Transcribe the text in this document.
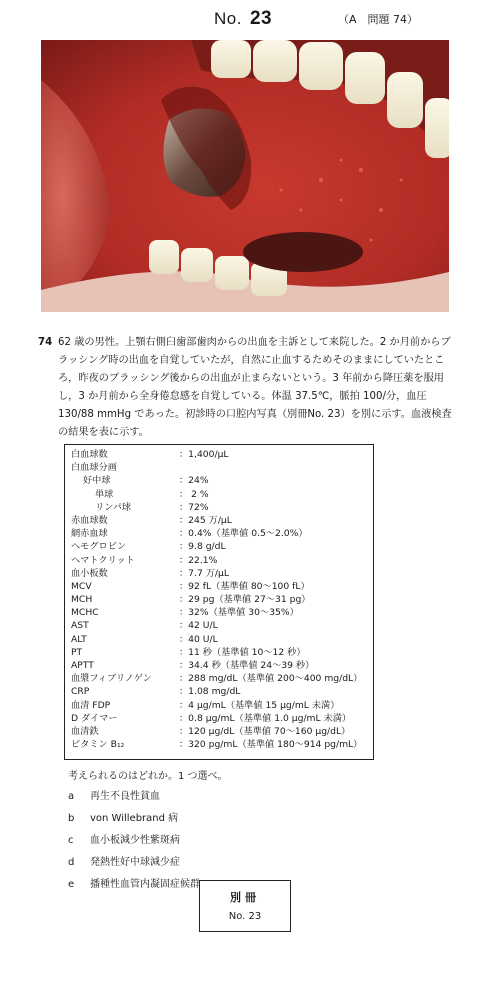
No. 23	（A　問題 74）
74 62 歳の男性。上顎右側臼歯部歯肉からの出血を主訴として来院した。2 か月前からブラッシング時の出血を自覚していたが，自然に止血するためそのままにしていたところ，昨夜のブラッシング後からの出血が止まらないという。3 年前から降圧薬を服用し，3 か月前から全身倦怠感を自覚している。体温 37.5℃，脈拍 100/分，血圧 130/88 mmHg であった。初診時の口腔内写真（別冊No. 23）を別に示す。血液検査の結果を表に示す。
白血球数	：1,400/μL
白血球分画
好中球	：24%
単球	： 2 %
リンパ球	：72%
赤血球数	：245 万/μL
網赤血球	：0.4%（基準値 0.5〜2.0%）
ヘモグロビン	：9.8 g/dL
ヘマトクリット	：22.1%
血小板数	：7.7 万/μL
MCV	：92 fL（基準値 80〜100 fL）
MCH	：29 pg（基準値 27〜31 pg）
MCHC	：32%（基準値 30〜35%）
AST	：42 U/L
ALT	：40 U/L
PT	：11 秒（基準値 10〜12 秒）
APTT	：34.4 秒（基準値 24〜39 秒）
血漿フィブリノゲン	：288 mg/dL（基準値 200〜400 mg/dL）
CRP	：1.08 mg/dL
血清 FDP	：4 μg/mL（基準値 15 μg/mL 未満）
D ダイマー	：0.8 μg/mL（基準値 1.0 μg/mL 未満）
血清鉄	：120 μg/dL（基準値 70〜160 μg/dL）
ビタミン B₁₂	：320 pg/mL（基準値 180〜914 pg/mL）
考えられるのはどれか。1 つ選べ。
a	再生不良性貧血
b	von Willebrand 病
c	血小板減少性紫斑病
d	発熱性好中球減少症
e	播種性血管内凝固症候群
別冊
No. 23
